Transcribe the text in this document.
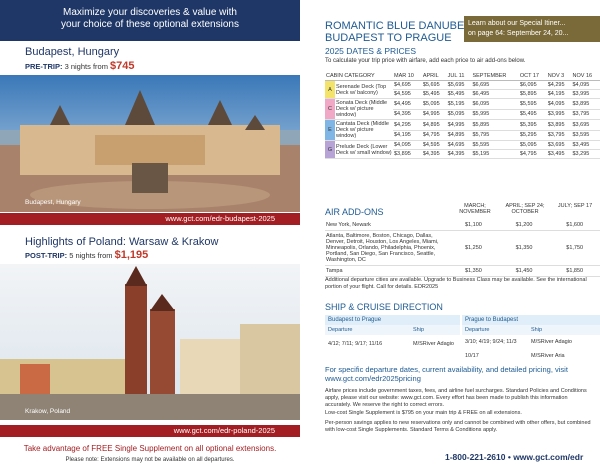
Maximize your discoveries & value with
your choice of these optional extensions
Budapest, Hungary
PRE-TRIP: 3 nights from $745
Budapest, Hungary
www.gct.com/edr-budapest-2025
Highlights of Poland: Warsaw & Krakow
POST-TRIP: 5 nights from $1,195
Krakow, Poland
www.gct.com/edr-poland-2025
Take advantage of FREE Single Supplement on all optional extensions.
Please note: Extensions may not be available on all departures.
ROMANTIC BLUE DANUBE
BUDAPEST TO PRAGUE
Learn about our Special Itiner...
on page 64: September 24, 20...
2025 DATES & PRICES
To calculate your trip price with airfare, add each price to air add-ons below.
CABIN CATEGORY		MAR 10	APRIL	JUL 11	SEPTEMBER	OCT 17	NOV 3	NOV 16
A	Serenade Deck (Top Deck w/ balcony)	$4,695	$5,695	$5,695	$6,695	$6,095	$4,295	$4,095
		$4,595	$5,495	$5,495	$6,495	$5,895	$4,195	$3,995
C	Sonata Deck (Middle Deck w/ picture window)	$4,495	$5,095	$5,195	$6,095	$5,595	$4,095	$3,895
		$4,395	$4,995	$5,095	$5,995	$5,495	$3,995	$3,795
E	Cantata Deck (Middle Deck w/ picture window)	$4,295	$4,895	$4,995	$5,895	$5,395	$3,895	$3,695
		$4,195	$4,795	$4,895	$5,795	$5,295	$3,795	$3,595
G	Prelude Deck (Lower Deck w/ small window)	$4,095	$4,595	$4,695	$5,595	$5,095	$3,695	$3,495
		$3,895	$4,395	$4,395	$5,195	$4,795	$3,495	$3,295
AIR ADD-ONS
MARCH; NOVEMBER
APRIL; SEP 24; OCTOBER
JULY; SEP 17
New York, Newark	$1,100	$1,200	$1,600
Atlanta, Baltimore, Boston, Chicago, Dallas, Denver, Detroit, Houston, Los Angeles, Miami, Minneapolis, Orlando, Philadelphia, Phoenix, Portland, San Diego, San Francisco, Seattle, Washington, DC	$1,250	$1,350	$1,750
Tampa	$1,350	$1,450	$1,850
Additional departure cities are available. Upgrade to Business Class may be available. See the international portion of your flight. Call for details. EDR2025
SHIP & CRUISE DIRECTION
Budapest to Prague
Departure	Ship
4/12; 7/11; 9/17; 11/16	M/SRiver Adagio
Prague to Budapest
Departure	Ship
3/10; 4/19; 9/24; 11/3	M/SRiver Adagio
10/17	M/SRiver Aria
For specific departure dates, current availability, and detailed pricing, visit www.gct.com/edr2025pricing
Airfare prices include government taxes, fees, and airline fuel surcharges. Standard Policies and Conditions apply, please visit our website: www.gct.com. Every effort has been made to publish this information accurately. We reserve the right to correct errors.
Low-cost Single Supplement is $795 on your main trip & FREE on all extensions.
Per-person savings applies to new reservations only and cannot be combined with other offers, but combined with low-cost Single Supplements. Standard Terms & Conditions apply.
1-800-221-2610 • www.gct.com/edr
